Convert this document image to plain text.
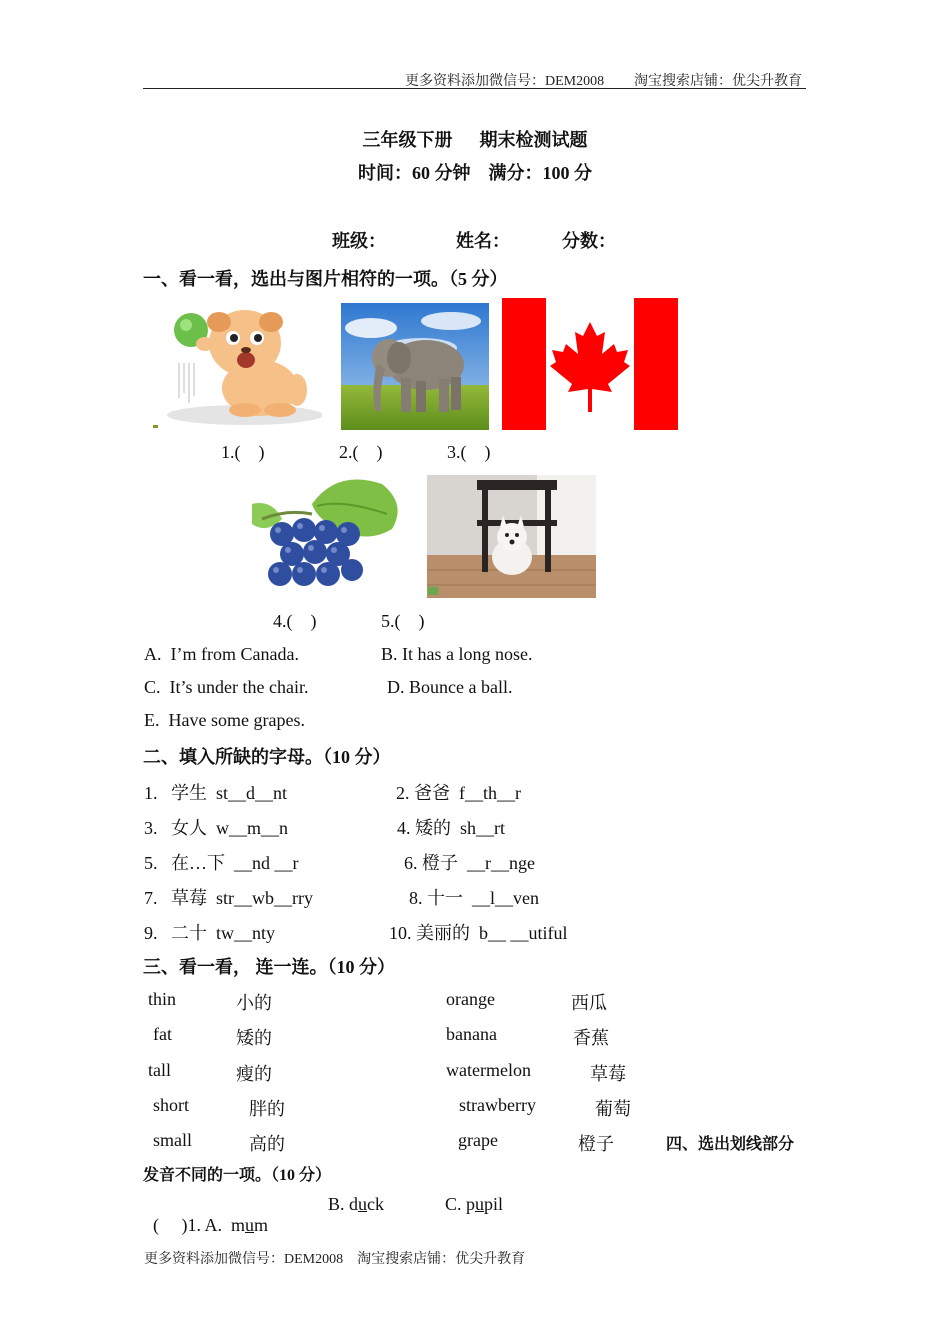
更多资料添加微信号：DEM2008 淘宝搜索店铺：优尖升教育
三年级下册      期末检测试题
时间：60 分钟    满分：100 分
班级：	姓名：	分数：
一、看一看，选出与图片相符的一项。（5 分）
1.(    )	2.(    )	3.(    )
4.(    )	5.(    )
A.  I’m from Canada.	B. It has a long nose.
C.  It’s under the chair.	D. Bounce a ball.
E.  Have some grapes.
二、填入所缺的字母。（10 分）
1.   学生  st__d__nt	2. 爸爸  f__th__r
3.   女人  w__m__n	4. 矮的  sh__rt
5.   在…下  __nd __r	6. 橙子  __r__nge
7.   草莓  str__wb__rry	8. 十一  __l__ven
9.   二十  tw__nty	10. 美丽的  b__ __utiful
三、看一看， 连一连。（10 分）
thin	小的	orange	西瓜
fat	矮的	banana	香蕉
tall	瘦的	watermelon	草莓
short	胖的	strawberry	葡萄
small	高的	grape	橙子	四、选出划线部分
发音不同的一项。（10 分）

(     )1. A.  mum

B. duck	C. pupil
更多资料添加微信号：DEM2008    淘宝搜索店铺：优尖升教育
